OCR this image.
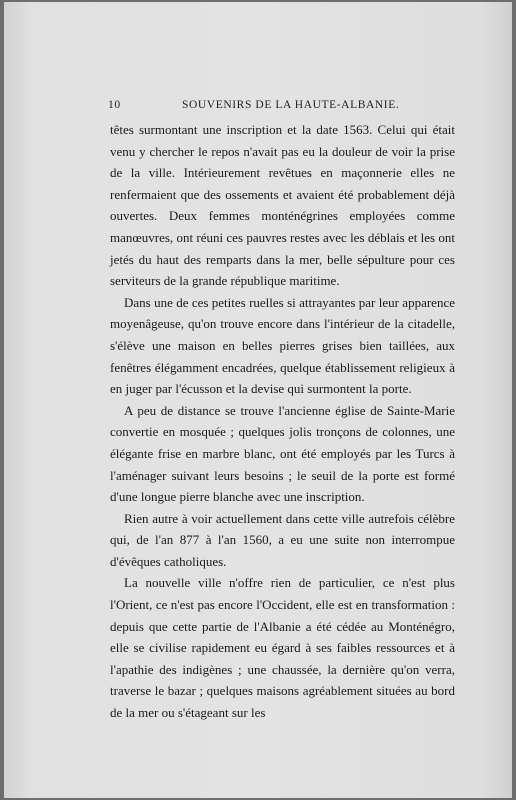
10	SOUVENIRS DE LA HAUTE-ALBANIE.

têtes surmontant une inscription et la date 1563. Celui qui était venu y chercher le repos n'avait pas eu la douleur de voir la prise de la ville. Intérieurement revêtues en maçonnerie elles ne renfermaient que des ossements et avaient été probablement déjà ouvertes. Deux femmes monténégrines employées comme manœuvres, ont réuni ces pauvres restes avec les déblais et les ont jetés du haut des remparts dans la mer, belle sépulture pour ces serviteurs de la grande république maritime.

Dans une de ces petites ruelles si attrayantes par leur apparence moyenâgeuse, qu'on trouve encore dans l'intérieur de la citadelle, s'élève une maison en belles pierres grises bien taillées, aux fenêtres élégamment encadrées, quelque établissement religieux à en juger par l'écusson et la devise qui surmontent la porte.

A peu de distance se trouve l'ancienne église de Sainte-Marie convertie en mosquée ; quelques jolis tronçons de colonnes, une élégante frise en marbre blanc, ont été employés par les Turcs à l'aménager suivant leurs besoins ; le seuil de la porte est formé d'une longue pierre blanche avec une inscription.

Rien autre à voir actuellement dans cette ville autrefois célèbre qui, de l'an 877 à l'an 1560, a eu une suite non interrompue d'évêques catholiques.

La nouvelle ville n'offre rien de particulier, ce n'est plus l'Orient, ce n'est pas encore l'Occident, elle est en transformation : depuis que cette partie de l'Albanie a été cédée au Monténégro, elle se civilise rapidement eu égard à ses faibles ressources et à l'apathie des indigènes ; une chaussée, la dernière qu'on verra, traverse le bazar ; quelques maisons agréablement situées au bord de la mer ou s'étageant sur les
